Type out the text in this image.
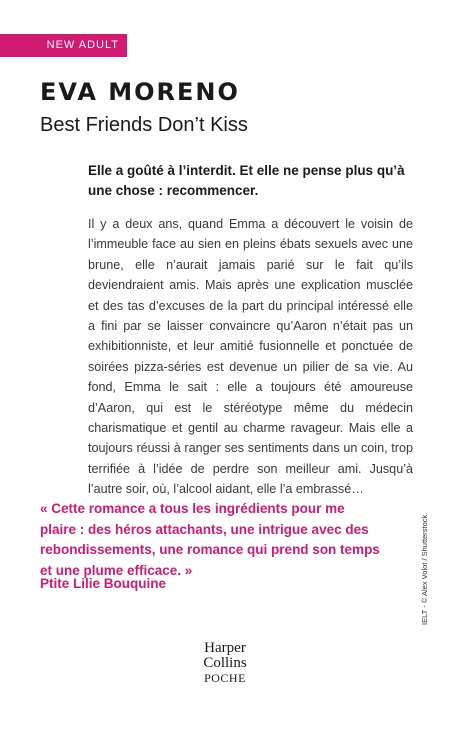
NEW ADULT
EVA MORENO
Best Friends Don’t Kiss
Elle a goûté à l’interdit. Et elle ne pense plus qu’à une chose : recommencer.
Il y a deux ans, quand Emma a découvert le voisin de l’immeuble face au sien en pleins ébats sexuels avec une brune, elle n’aurait jamais parié sur le fait qu’ils deviendraient amis. Mais après une explication musclée et des tas d’excuses de la part du principal intéressé elle a fini par se laisser convaincre qu’Aaron n’était pas un exhibitionniste, et leur amitié fusionnelle et ponctuée de soirées pizza-séries est devenue un pilier de sa vie. Au fond, Emma le sait : elle a toujours été amoureuse d’Aaron, qui est le stéréotype même du médecin charismatique et gentil au charme ravageur. Mais elle a toujours réussi à ranger ses sentiments dans un coin, trop terrifiée à l’idée de perdre son meilleur ami. Jusqu’à l’autre soir, où, l’alcool aidant, elle l’a embrassé…
« Cette romance a tous les ingrédients pour me plaire : des héros attachants, une intrigue avec des rebondissements, une romance qui prend son temps et une plume efficace. »
Ptite Lilie Bouquine	IELT - © Alex Volot / Shutterstock
Harper
Collins
POCHE
